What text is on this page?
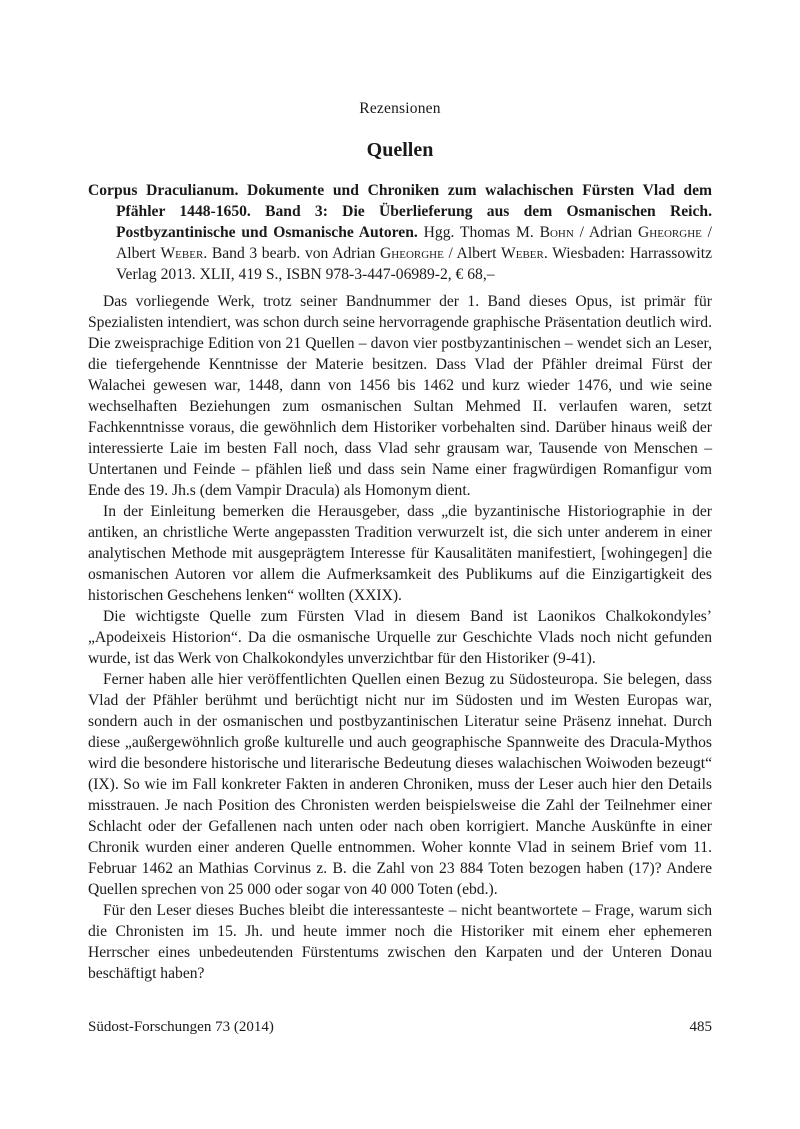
Rezensionen
Quellen
Corpus Draculianum. Dokumente und Chroniken zum walachischen Fürsten Vlad dem Pfähler 1448-1650. Band 3: Die Überlieferung aus dem Osmanischen Reich. Postbyzantinische und Osmanische Autoren. Hgg. Thomas M. Bohn / Adrian Gheorghe / Albert Weber. Band 3 bearb. von Adrian Gheorghe / Albert Weber. Wiesbaden: Harrassowitz Verlag 2013. XLII, 419 S., ISBN 978-3-447-06989-2, € 68,–

Das vorliegende Werk, trotz seiner Bandnummer der 1. Band dieses Opus, ist primär für Spezialisten intendiert, was schon durch seine hervorragende graphische Präsentation deutlich wird. Die zweisprachige Edition von 21 Quellen – davon vier postbyzantinischen – wendet sich an Leser, die tiefergehende Kenntnisse der Materie besitzen. Dass Vlad der Pfähler dreimal Fürst der Walachei gewesen war, 1448, dann von 1456 bis 1462 und kurz wieder 1476, und wie seine wechselhaften Beziehungen zum osmanischen Sultan Mehmed II. verlaufen waren, setzt Fachkenntnisse voraus, die gewöhnlich dem Historiker vorbehalten sind. Darüber hinaus weiß der interessierte Laie im besten Fall noch, dass Vlad sehr grausam war, Tausende von Menschen – Untertanen und Feinde – pfählen ließ und dass sein Name einer fragwürdigen Romanfigur vom Ende des 19. Jh.s (dem Vampir Dracula) als Homonym dient.

In der Einleitung bemerken die Herausgeber, dass „die byzantinische Historiographie in der antiken, an christliche Werte angepassten Tradition verwurzelt ist, die sich unter anderem in einer analytischen Methode mit ausgeprägtem Interesse für Kausalitäten manifestiert, [wohingegen] die osmanischen Autoren vor allem die Aufmerksamkeit des Publikums auf die Einzigartigkeit des historischen Geschehens lenken“ wollten (XXIX).

Die wichtigste Quelle zum Fürsten Vlad in diesem Band ist Laonikos Chalkokondyles’ „Apodeixeis Historion“. Da die osmanische Urquelle zur Geschichte Vlads noch nicht gefunden wurde, ist das Werk von Chalkokondyles unverzichtbar für den Historiker (9-41).

Ferner haben alle hier veröffentlichten Quellen einen Bezug zu Südosteuropa. Sie belegen, dass Vlad der Pfähler berühmt und berüchtigt nicht nur im Südosten und im Westen Europas war, sondern auch in der osmanischen und postbyzantinischen Literatur seine Präsenz innehat. Durch diese „außergewöhnlich große kulturelle und auch geographische Spannweite des Dracula-Mythos wird die besondere historische und literarische Bedeutung dieses walachischen Woiwoden bezeugt“ (IX). So wie im Fall konkreter Fakten in anderen Chroniken, muss der Leser auch hier den Details misstrauen. Je nach Position des Chronisten werden beispielsweise die Zahl der Teilnehmer einer Schlacht oder der Gefallenen nach unten oder nach oben korrigiert. Manche Auskünfte in einer Chronik wurden einer anderen Quelle entnommen. Woher konnte Vlad in seinem Brief vom 11. Februar 1462 an Mathias Corvinus z. B. die Zahl von 23 884 Toten bezogen haben (17)? Andere Quellen sprechen von 25 000 oder sogar von 40 000 Toten (ebd.).

Für den Leser dieses Buches bleibt die interessanteste – nicht beantwortete – Frage, warum sich die Chronisten im 15. Jh. und heute immer noch die Historiker mit einem eher ephemeren Herrscher eines unbedeutenden Fürstentums zwischen den Karpaten und der Unteren Donau beschäftigt haben?

Südost-Forschungen 73 (2014)	485
